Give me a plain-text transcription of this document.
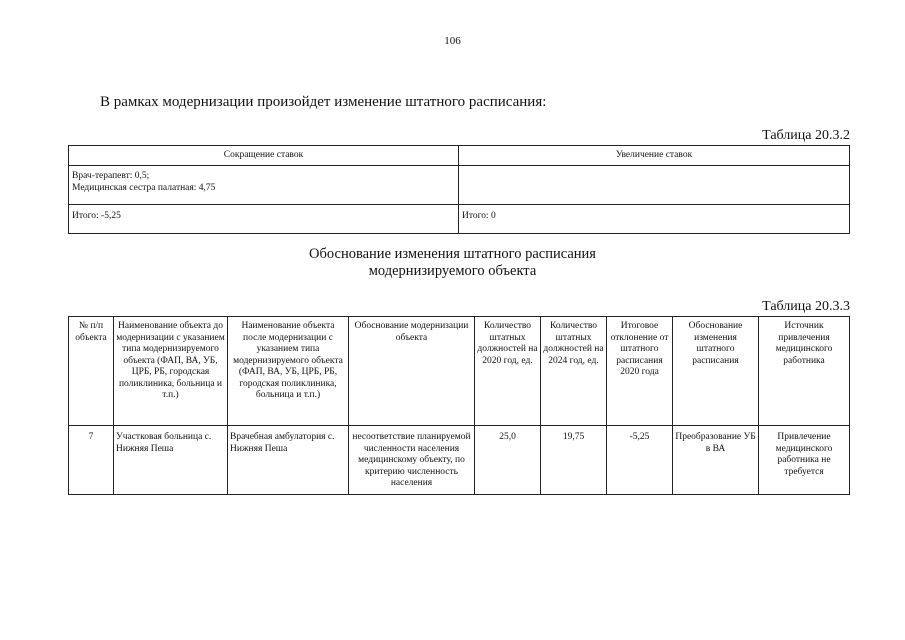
106
В рамках модернизации произойдет изменение штатного расписания:
Таблица 20.3.2
Сокращение ставок	Увеличение ставок

Врач-терапевт: 0,5;
Медицинская сестра палатная: 4,75	

Итого: -5,25	Итого: 0
Обоснование изменения штатного расписания
модернизируемого объекта
Таблица 20.3.3
№ п/п объекта	Наименование объекта до модернизации с указанием типа модернизируемого объекта (ФАП, ВА, УБ, ЦРБ, РБ, городская поликлиника, больница и т.п.)	Наименование объекта после модернизации с указанием типа модернизируемого объекта (ФАП, ВА, УБ, ЦРБ, РБ, городская поликлиника, больница и т.п.)	Обоснование модернизации объекта	Количество штатных должностей на 2020 год, ед.	Количество штатных должностей на 2024 год, ед.	Итоговое отклонение от штатного расписания 2020 года	Обоснование изменения штатного расписания	Источник привлечения медицинского работника
7	Участковая больница с. Нижняя Пеша	Врачебная амбулатория с. Нижняя Пеша	несоответствие планируемой численности населения медицинскому объекту, по критерию численность населения	25,0	19,75	-5,25	Преобразование УБ в ВА	Привлечение медицинского работника не требуется
